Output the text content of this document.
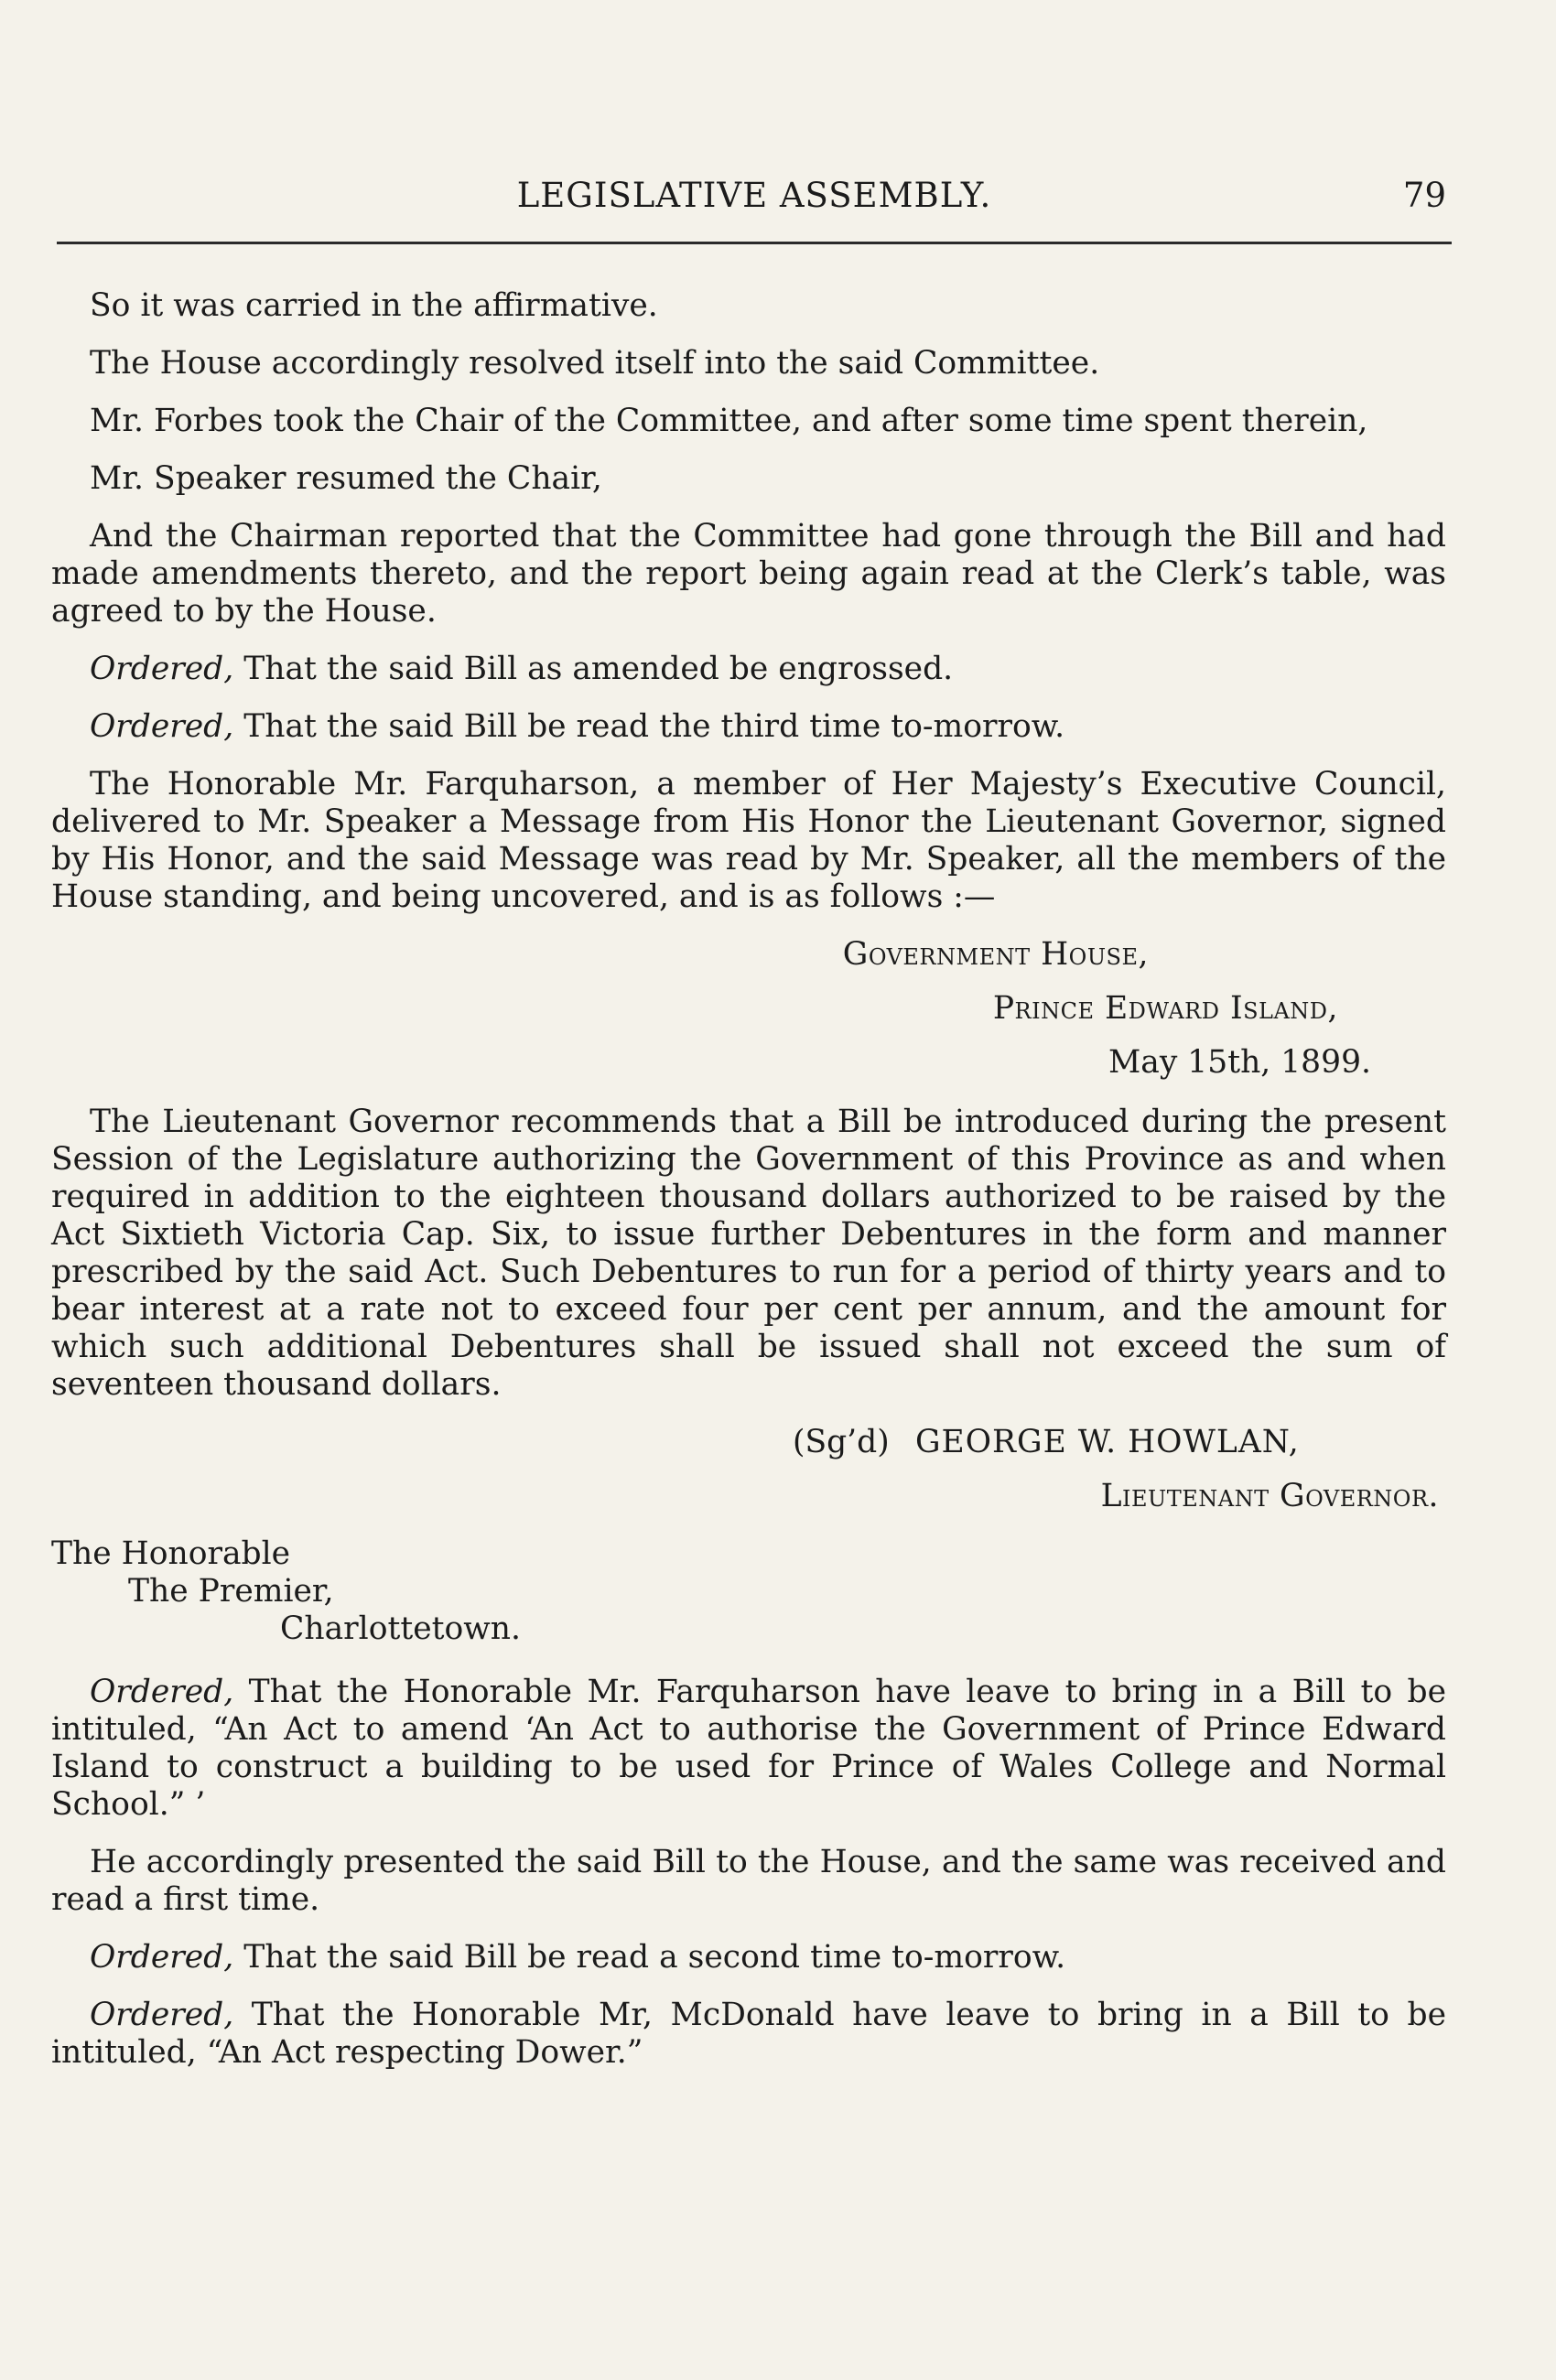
LEGISLATIVE ASSEMBLY.	79

So it was carried in the affirmative.

The House accordingly resolved itself into the said Committee.

Mr. Forbes took the Chair of the Committee, and after some time spent therein,

Mr. Speaker resumed the Chair,

And the Chairman reported that the Committee had gone through the Bill and had made amendments thereto, and the report being again read at the Clerk’s table, was agreed to by the House.

Ordered, That the said Bill as amended be engrossed.

Ordered, That the said Bill be read the third time to-morrow.

The Honorable Mr. Farquharson, a member of Her Majesty’s Executive Council, delivered to Mr. Speaker a Message from His Honor the Lieutenant Governor, signed by His Honor, and the said Message was read by Mr. Speaker, all the members of the House standing, and being uncovered, and is as follows :—

Government House,

Prince Edward Island,

May 15th, 1899.

The Lieutenant Governor recommends that a Bill be introduced during the present Session of the Legislature authorizing the Government of this Province as and when required in addition to the eighteen thousand dollars authorized to be raised by the Act Sixtieth Victoria Cap. Six, to issue further Debentures in the form and manner prescribed by the said Act. Such Debentures to run for a period of thirty years and to bear interest at a rate not to exceed four per cent per annum, and the amount for which such additional Debentures shall be issued shall not exceed the sum of seventeen thousand dollars.

(Sg’d) GEORGE W. HOWLAN,

Lieutenant Governor.

The Honorable
The Premier,
Charlottetown.

Ordered, That the Honorable Mr. Farquharson have leave to bring in a Bill to be intituled, “An Act to amend ‘An Act to authorise the Government of Prince Edward Island to construct a building to be used for Prince of Wales College and Normal School.” ’

He accordingly presented the said Bill to the House, and the same was received and read a first time.

Ordered, That the said Bill be read a second time to-morrow.

Ordered, That the Honorable Mr, McDonald have leave to bring in a Bill to be intituled, “An Act respecting Dower.”
